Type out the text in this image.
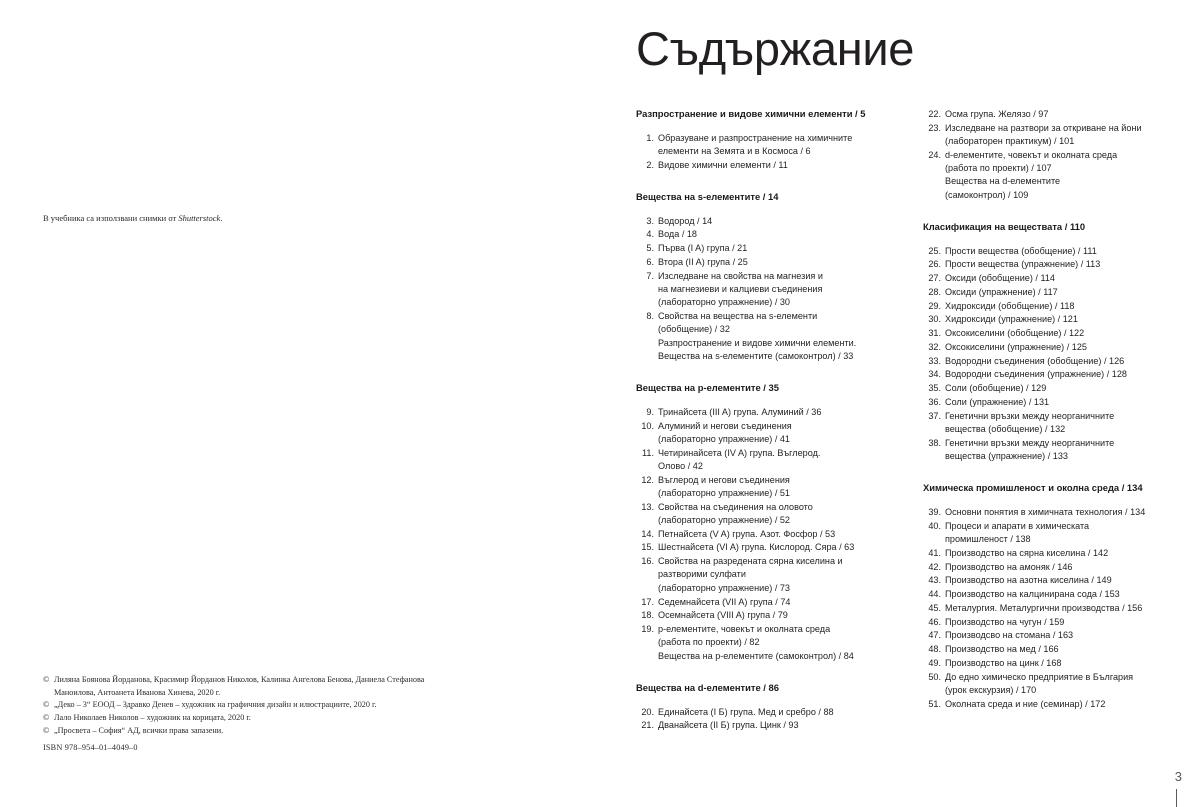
В учебника са използвани снимки от Shutterstock.
© Лиляна Боянова Йорданова, Красимир Йорданов Николов, Калинка Ангелова Бенова, Даниела Стефанова Маноилова, Антоанета Иванова Хинева, 2020 г.
© „Деко – 3“ ЕООД – Здравко Денев – художник на графичния дизайн и илюстрациите, 2020 г.
© Лало Николаев Николов – художник на корицата, 2020 г.
© „Просвета – София“ АД, всички права запазени.
ISBN 978–954–01–4049–0
Съдържание
Разпространение и видове химични елементи / 5
1. Образуване и разпространение на химичните
елементи на Земята и в Космоса / 6
2. Видове химични елементи / 11
Вещества на s-елементите / 14
3. Водород / 14
4. Вода / 18
5. Първа (I A) група / 21
6. Втора (II A) група / 25
7. Изследване на свойства на магнезия и
на магнезиеви и калциеви съединения
(лабораторно упражнение) / 30
8. Свойства на вещества на s-елементи
(обобщение) / 32
Разпространение и видове химични елементи.
Вещества на s-елементите (самоконтрол) / 33
Вещества на p-елементите / 35
9. Тринайсета (III A) група. Алуминий / 36
10. Алуминий и негови съединения
(лабораторно упражнение) / 41
11. Четиринайсета (IV A) група. Въглерод.
Олово / 42
12. Въглерод и негови съединения
(лабораторно упражнение) / 51
13. Свойства на съединения на оловото
(лабораторно упражнение) / 52
14. Петнайсета (V A) група. Азот. Фосфор / 53
15. Шестнайсета (VI A) група. Кислород. Сяра / 63
16. Свойства на разредената сярна киселина и
разтворими сулфати
(лабораторно упражнение) / 73
17. Седемнайсета (VII A) група / 74
18. Осемнайсета (VIII A) група / 79
19. p-елементите, човекът и околната среда
(работа по проекти) / 82
Вещества на p-елементите (самоконтрол) / 84
Вещества на d-елементите / 86
20. Единайсета (I Б) група. Мед и сребро / 88
21. Дванайсета (II Б) група. Цинк / 93
22. Осма група. Желязо / 97
23. Изследване на разтвори за откриване на йони
(лабораторен практикум) / 101
24. d-елементите, човекът и околната среда
(работа по проекти) / 107
Вещества на d-елементите
(самоконтрол) / 109
Класификация на веществата / 110
25. Прости вещества (обобщение) / 111
26. Прости вещества (упражнение) / 113
27. Оксиди (обобщение) / 114
28. Оксиди (упражнение) / 117
29. Хидроксиди (обобщение) / 118
30. Хидроксиди (упражнение) / 121
31. Оксокиселини (обобщение) / 122
32. Оксокиселини (упражнение) / 125
33. Водородни съединения (обобщение) / 126
34. Водородни съединения (упражнение) / 128
35. Соли (обобщение) / 129
36. Соли (упражнение) / 131
37. Генетични връзки между неорганичните
вещества (обобщение) / 132
38. Генетични връзки между неорганичните
вещества (упражнение) / 133
Химическа промишленост и околна среда / 134
39. Основни понятия в химичната технология / 134
40. Процеси и апарати в химическата
промишленост / 138
41. Производство на сярна киселина / 142
42. Производство на амоняк / 146
43. Производство на азотна киселина / 149
44. Производство на калцинирана сода / 153
45. Металургия. Металургични производства / 156
46. Производство на чугун / 159
47. Производсво на стомана / 163
48. Производство на мед / 166
49. Производство на цинк / 168
50. До едно химическо предприятие в България
(урок екскурзия) / 170
51. Околната среда и ние (семинар) / 172
3
